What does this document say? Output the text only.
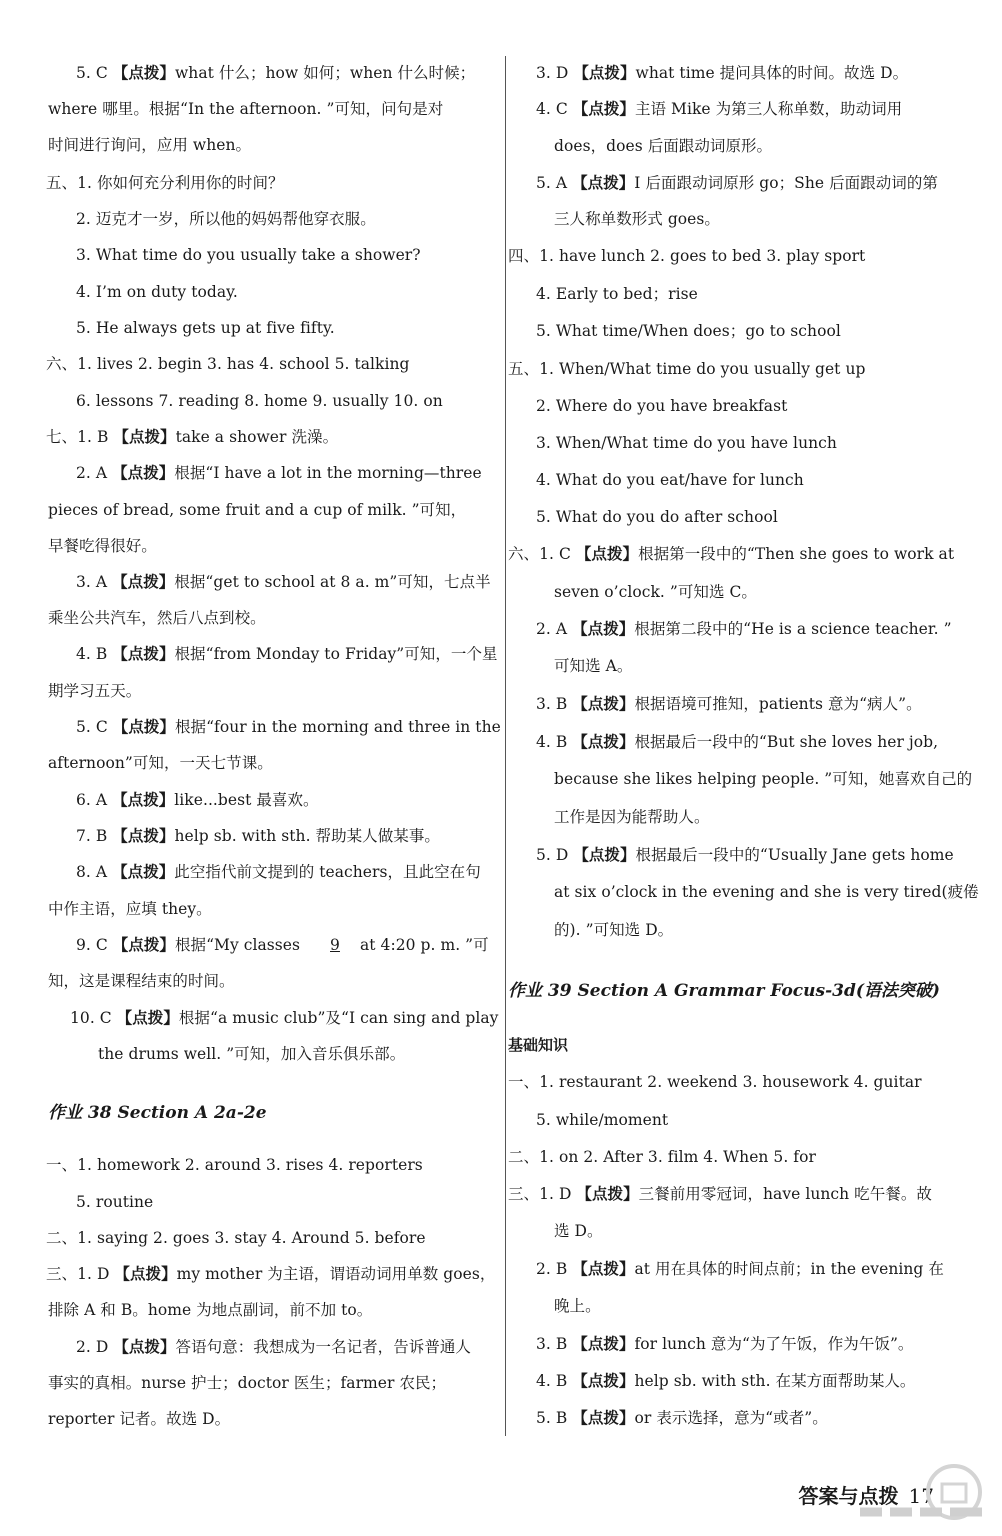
5. C 【点拨】what 什么；how 如何；when 什么时候；
where 哪里。根据“In the afternoon. ”可知，问句是对
时间进行询问，应用 when。
五、1. 你如何充分利用你的时间？
2. 迈克才一岁，所以他的妈妈帮他穿衣服。
3. What time do you usually take a shower?
4. I’m on duty today.
5. He always gets up at five fifty.
六、1. lives 2. begin 3. has 4. school 5. talking
6. lessons 7. reading 8. home 9. usually 10. on
七、1. B 【点拨】take a shower 洗澡。
2. A 【点拨】根据“I have a lot in the morning—three
pieces of bread, some fruit and a cup of milk. ”可知，
早餐吃得很好。
3. A 【点拨】根据“get to school at 8 a. m”可知，七点半
乘坐公共汽车，然后八点到校。
4. B 【点拨】根据“from Monday to Friday”可知，一个星
期学习五天。
5. C 【点拨】根据“four in the morning and three in the
afternoon”可知，一天七节课。
6. A 【点拨】like...best 最喜欢。
7. B 【点拨】help sb. with sth. 帮助某人做某事。
8. A 【点拨】此空指代前文提到的 teachers，且此空在句
中作主语，应填 they。
9. C 【点拨】根据“My classes 9 at 4:20 p. m. ”可
知，这是课程结束的时间。
10. C 【点拨】根据“a music club”及“I can sing and play
the drums well. ”可知，加入音乐俱乐部。
作业 38 Section A 2a-2e
一、1. homework 2. around 3. rises 4. reporters
5. routine
二、1. saying 2. goes 3. stay 4. Around 5. before
三、1. D 【点拨】my mother 为主语，谓语动词用单数 goes，
排除 A 和 B。home 为地点副词，前不加 to。
2. D 【点拨】答语句意：我想成为一名记者，告诉普通人
事实的真相。nurse 护士；doctor 医生；farmer 农民；
reporter 记者。故选 D。
3. D 【点拨】what time 提问具体的时间。故选 D。
4. C 【点拨】主语 Mike 为第三人称单数，助动词用
does，does 后面跟动词原形。
5. A 【点拨】I 后面跟动词原形 go；She 后面跟动词的第
三人称单数形式 goes。
四、1. have lunch 2. goes to bed 3. play sport
4. Early to bed；rise
5. What time/When does；go to school
五、1. When/What time do you usually get up
2. Where do you have breakfast
3. When/What time do you have lunch
4. What do you eat/have for lunch
5. What do you do after school
六、1. C 【点拨】根据第一段中的“Then she goes to work at
seven o’clock. ”可知选 C。
2. A 【点拨】根据第二段中的“He is a science teacher. ”
可知选 A。
3. B 【点拨】根据语境可推知，patients 意为“病人”。
4. B 【点拨】根据最后一段中的“But she loves her job,
because she likes helping people. ”可知，她喜欢自己的
工作是因为能帮助人。
5. D 【点拨】根据最后一段中的“Usually Jane gets home
at six o’clock in the evening and she is very tired(疲倦
的). ”可知选 D。
作业 39 Section A Grammar Focus-3d(语法突破)
基础知识
一、1. restaurant 2. weekend 3. housework 4. guitar
5. while/moment
二、1. on 2. After 3. film 4. When 5. for
三、1. D 【点拨】三餐前用零冠词，have lunch 吃午餐。故
选 D。
2. B 【点拨】at 用在具体的时间点前；in the evening 在
晚上。
3. B 【点拨】for lunch 意为“为了午饭，作为午饭”。
4. B 【点拨】help sb. with sth. 在某方面帮助某人。
5. B 【点拨】or 表示选择，意为“或者”。
答案与点拨 17
